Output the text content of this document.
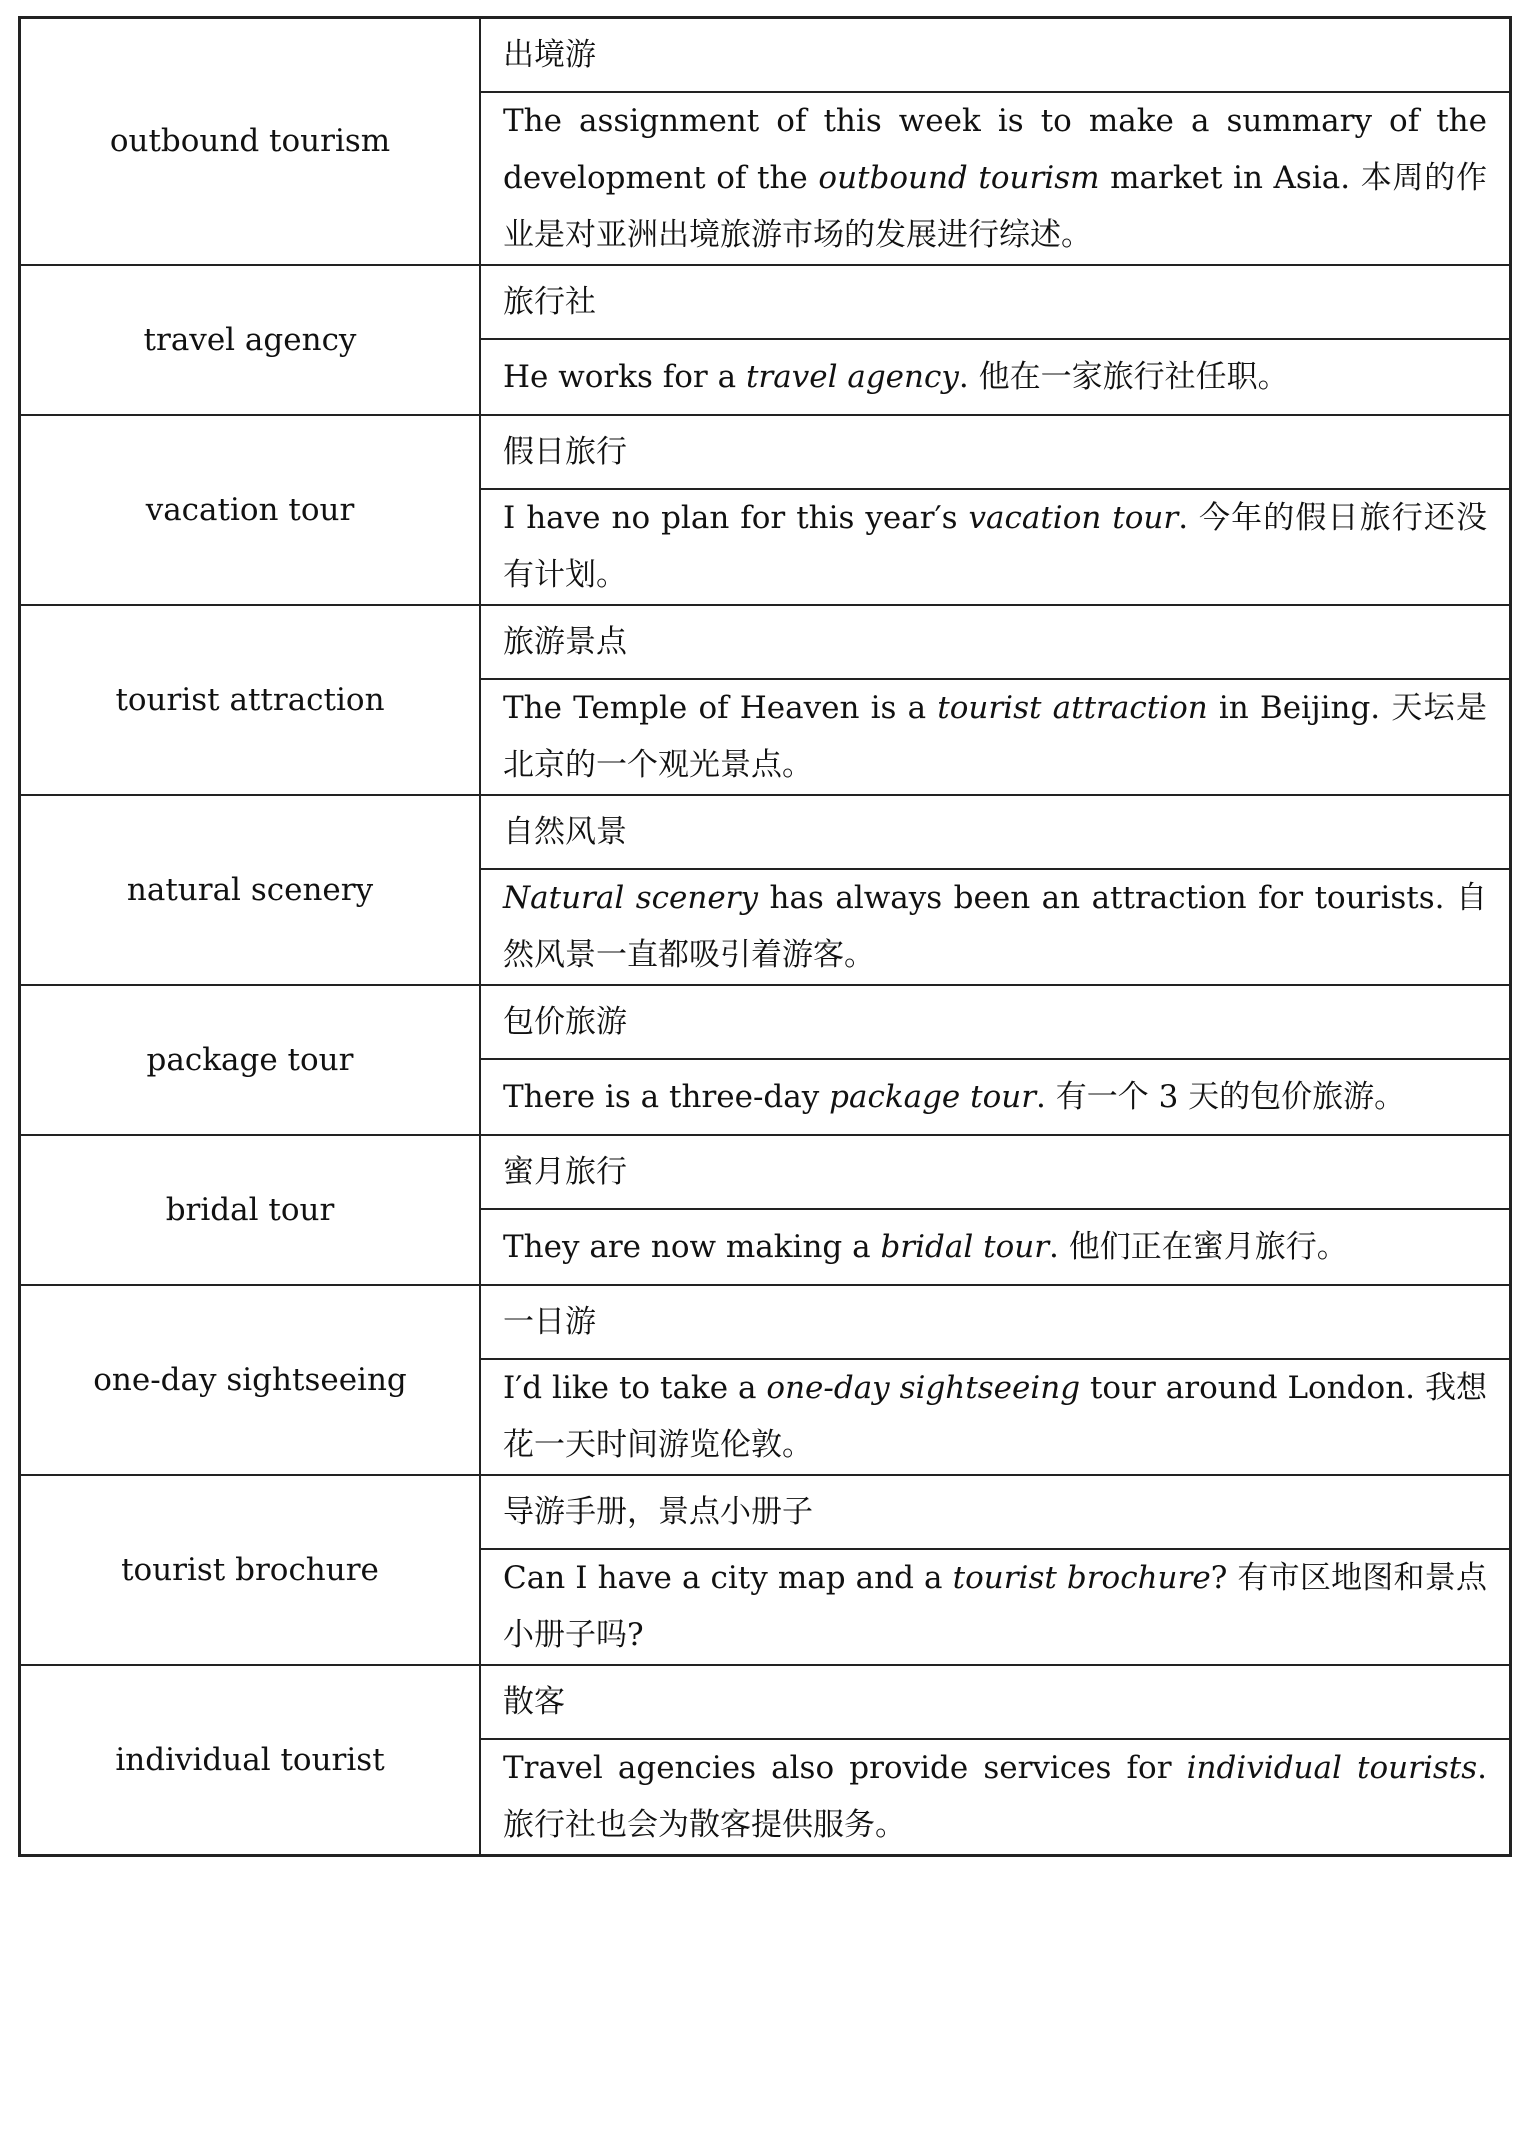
outbound tourism	出境游
	The assignment of this week is to make a summary of the development of the outbound tourism market in Asia. 本周的作业是对亚洲出境旅游市场的发展进行综述。
travel agency	旅行社
	He works for a travel agency. 他在一家旅行社任职。
vacation tour	假日旅行
	I have no plan for this year′s vacation tour. 今年的假日旅行还没有计划。
tourist attraction	旅游景点
	The Temple of Heaven is a tourist attraction in Beijing. 天坛是北京的一个观光景点。
natural scenery	自然风景
	Natural scenery has always been an attraction for tourists. 自然风景一直都吸引着游客。
package tour	包价旅游
	There is a three-day package tour. 有一个 3 天的包价旅游。
bridal tour	蜜月旅行
	They are now making a bridal tour. 他们正在蜜月旅行。
one-day sightseeing	一日游
	I′d like to take a one-day sightseeing tour around London. 我想花一天时间游览伦敦。
tourist brochure	导游手册，景点小册子
	Can I have a city map and a tourist brochure? 有市区地图和景点小册子吗?
individual tourist	散客
	Travel agencies also provide services for individual tourists. 旅行社也会为散客提供服务。
